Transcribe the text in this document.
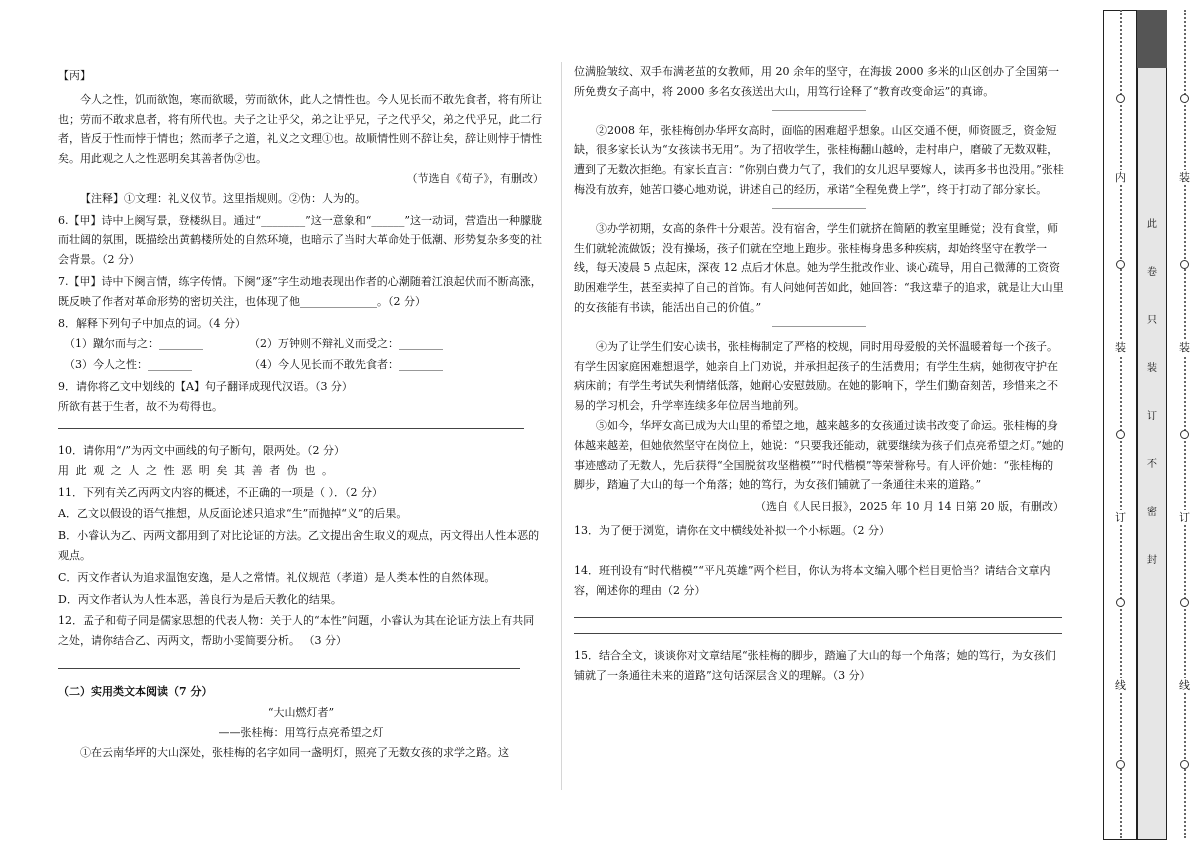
【丙】

今人之性，饥而欲饱，寒而欲暖，劳而欲休，此人之情性也。今人见长而不敢先食者，将有所让也；劳而不敢求息者，将有所代也。夫子之让乎父，弟之让乎兄，子之代乎父，弟之代乎兄，此二行者，皆反于性而悖于情也；然而孝子之道，礼义之文理①也。故顺情性则不辞让矣，辞让则悖于情性矣。用此观之人之性恶明矣其善者伪②也。

（节选自《荀子》，有删改）

【注释】①文理：礼义仪节。这里指规则。②伪：人为的。

6.【甲】诗中上阕写景，登楼纵目。通过“________”这一意象和“______”这一动词，营造出一种朦胧而壮阔的氛围，既描绘出黄鹤楼所处的自然环境，也暗示了当时大革命处于低潮、形势复杂多变的社会背景。（2 分）

7.【甲】诗中下阕言情，练字传情。下阕“逐”字生动地表现出作者的心潮随着江浪起伏而不断高涨，既反映了作者对革命形势的密切关注，也体现了他______________。（2 分）

8．解释下列句子中加点的词。（4 分）

（1）蹴尔而与之：________	（2）万钟则不辩礼义而受之：________
（3）今人之性：________	（4）今人见长而不敢先食者：________

9．请你将乙文中划线的【A】句子翻译成现代汉语。（3 分）

所欲有甚于生者，故不为苟得也。

10．请你用“/”为丙文中画线的句子断句，限两处。（2 分）

用此观之人之性恶明矣其善者伪也。

11．下列有关乙丙两文内容的概述，不正确的一项是（ ）．（2 分）

A．乙文以假设的语气推想，从反面论述只追求“生”而抛掉“义”的后果。

B．小睿认为乙、丙两文都用到了对比论证的方法。乙文提出舍生取义的观点，丙文得出人性本恶的观点。

C．丙文作者认为追求温饱安逸，是人之常情。礼仪规范（孝道）是人类本性的自然体现。

D．丙文作者认为人性本恶，善良行为是后天教化的结果。

12．孟子和荀子同是儒家思想的代表人物：关于人的“本性”问题，小睿认为其在论证方法上有共同之处，请你结合乙、丙两文，帮助小雯简要分析。 （3 分）

（二）实用类文本阅读（7 分）

“大山燃灯者”

——张桂梅：用笃行点亮希望之灯

①在云南华坪的大山深处，张桂梅的名字如同一盏明灯，照亮了无数女孩的求学之路。这

位满脸皱纹、双手布满老茧的女教师，用 20 余年的坚守，在海拔 2000 多米的山区创办了全国第一所免费女子高中，将 2000 多名女孩送出大山，用笃行诠释了“教育改变命运”的真谛。

②2008 年，张桂梅创办华坪女高时，面临的困难超乎想象。山区交通不便，师资匮乏，资金短缺，很多家长认为“女孩读书无用”。为了招收学生，张桂梅翻山越岭，走村串户，磨破了无数双鞋，遭到了无数次拒绝。有家长直言：“你别白费力气了，我们的女儿迟早要嫁人，读再多书也没用。”张桂梅没有放弃，她苦口婆心地劝说，讲述自己的经历，承诺“全程免费上学”，终于打动了部分家长。

③办学初期，女高的条件十分艰苦。没有宿舍，学生们就挤在简陋的教室里睡觉；没有食堂，师生们就轮流做饭；没有操场，孩子们就在空地上跑步。张桂梅身患多种疾病，却始终坚守在教学一线，每天凌晨 5 点起床，深夜 12 点后才休息。她为学生批改作业、谈心疏导，用自己微薄的工资资助困难学生，甚至卖掉了自己的首饰。有人问她何苦如此，她回答：“我这辈子的追求，就是让大山里的女孩能有书读，能活出自己的价值。”

④为了让学生们安心读书，张桂梅制定了严格的校规，同时用母爱般的关怀温暖着每一个孩子。有学生因家庭困难想退学，她亲自上门劝说，并承担起孩子的生活费用；有学生生病，她彻夜守护在病床前；有学生考试失利情绪低落，她耐心安慰鼓励。在她的影响下，学生们勤奋刻苦，珍惜来之不易的学习机会，升学率连续多年位居当地前列。

⑤如今，华坪女高已成为大山里的希望之地，越来越多的女孩通过读书改变了命运。张桂梅的身体越来越差，但她依然坚守在岗位上，她说：“只要我还能动，就要继续为孩子们点亮希望之灯。”她的事迹感动了无数人，先后获得“全国脱贫攻坚楷模”“时代楷模”等荣誉称号。有人评价她：“张桂梅的脚步，踏遍了大山的每一个角落；她的笃行，为女孩们铺就了一条通往未来的道路。”

（选自《人民日报》，2025 年 10 月 14 日第 20 版，有删改）

13．为了便于浏览，请你在文中横线处补拟一个小标题。（2 分）

14．班刊设有“时代楷模”“平凡英雄”两个栏目，你认为将本文编入哪个栏目更恰当？请结合文章内容，阐述你的理由（2 分）

15．结合全文，谈谈你对文章结尾“张桂梅的脚步，踏遍了大山的每一个角落；她的笃行，为女孩们铺就了一条通往未来的道路”这句话深层含义的理解。（3 分）

内
装
订
线
此
卷
只
装
订
不
密
封
装
装
订
线
